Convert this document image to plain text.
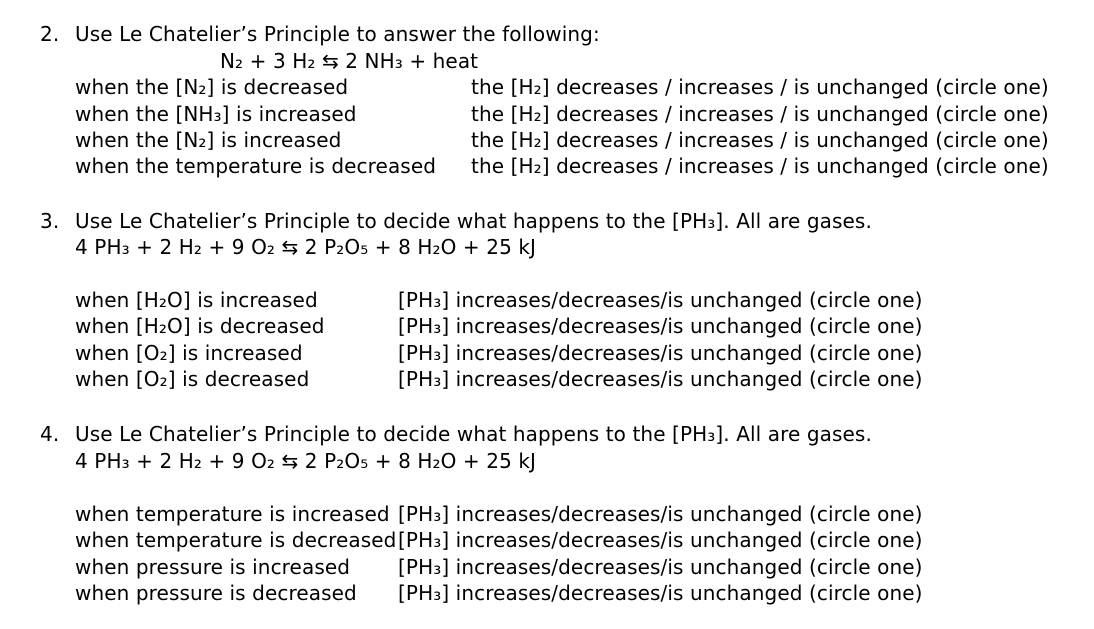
2. Use Le Chatelier’s Principle to answer the following:
N₂ + 3 H₂ ⇆ 2 NH₃ + heat
when the [N₂] is decreased	the [H₂] decreases / increases / is unchanged (circle one)
when the [NH₃] is increased	the [H₂] decreases / increases / is unchanged (circle one)
when the [N₂] is increased	the [H₂] decreases / increases / is unchanged (circle one)
when the temperature is decreased the [H₂] decreases / increases / is unchanged (circle one)
3. Use Le Chatelier’s Principle to decide what happens to the [PH₃]. All are gases.
4 PH₃ + 2 H₂ + 9 O₂ ⇆ 2 P₂O₅ + 8 H₂O + 25 kJ
when [H₂O] is increased	[PH₃] increases/decreases/is unchanged (circle one)
when [H₂O] is decreased	[PH₃] increases/decreases/is unchanged (circle one)
when [O₂] is increased	[PH₃] increases/decreases/is unchanged (circle one)
when [O₂] is decreased	[PH₃] increases/decreases/is unchanged (circle one)
4. Use Le Chatelier’s Principle to decide what happens to the [PH₃]. All are gases.
4 PH₃ + 2 H₂ + 9 O₂ ⇆ 2 P₂O₅ + 8 H₂O + 25 kJ
when temperature is increased [PH₃] increases/decreases/is unchanged (circle one)
when temperature is decreased [PH₃] increases/decreases/is unchanged (circle one)
when pressure is increased [PH₃] increases/decreases/is unchanged (circle one)
when pressure is decreased [PH₃] increases/decreases/is unchanged (circle one)
